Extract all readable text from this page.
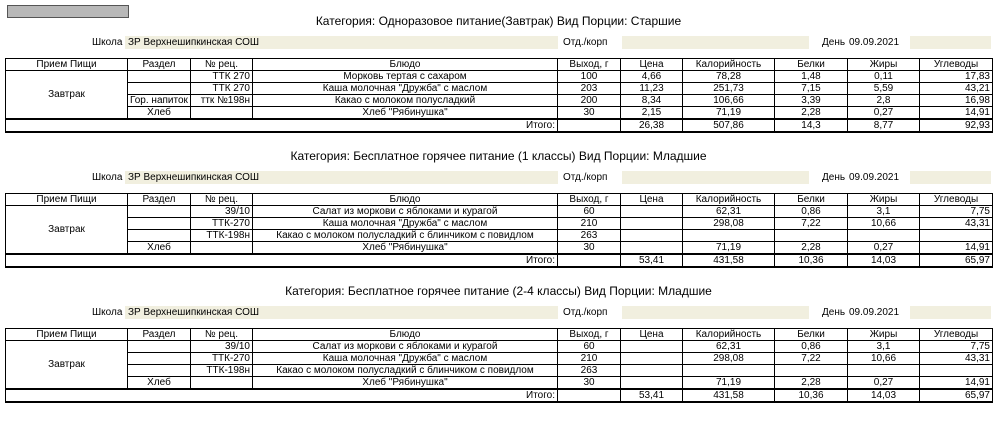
Категория: Одноразовое питание(Завтрак) Вид Порции: Старшие
Школа ЗР Верхнешипкинская СОШ	Отд./корп	День 09.09.2021
Прием Пищи	Раздел	№ рец.	Блюдо	Выход, г	Цена	Калорийность	Белки	Жиры	Углеводы
Завтрак		ТТК 270	Морковь тертая с сахаром	100	4,66	78,28	1,48	0,11	17,83
		ТТК 270	Каша молочная "Дружба" с маслом	203	11,23	251,73	7,15	5,59	43,21
	Гор. напиток	ттк №198н	Какао с молоком полусладкий	200	8,34	106,66	3,39	2,8	16,98
	Хлеб		Хлеб "Рябинушка"	30	2,15	71,19	2,28	0,27	14,91
Итого:					26,38	507,86	14,3	8,77	92,93
Категория: Бесплатное горячее питание (1 классы) Вид Порции: Младшие
Школа ЗР Верхнешипкинская СОШ	Отд./корп	День 09.09.2021
Прием Пищи	Раздел	№ рец.	Блюдо	Выход, г	Цена	Калорийность	Белки	Жиры	Углеводы
Завтрак		39/10	Салат из моркови с яблоками и курагой	60		62,31	0,86	3,1	7,75
		ТТК-270	Каша молочная "Дружба" с маслом	210		298,08	7,22	10,66	43,31
		ТТК-198н	Какао с молоком полусладкий с блинчиком с повидлом	263					
	Хлеб		Хлеб "Рябинушка"	30		71,19	2,28	0,27	14,91
Итого:					53,41	431,58	10,36	14,03	65,97
Категория: Бесплатное горячее питание (2-4 классы) Вид Порции: Младшие
Школа ЗР Верхнешипкинская СОШ	Отд./корп	День 09.09.2021
Прием Пищи	Раздел	№ рец.	Блюдо	Выход, г	Цена	Калорийность	Белки	Жиры	Углеводы
Завтрак		39/10	Салат из моркови с яблоками и курагой	60		62,31	0,86	3,1	7,75
		ТТК-270	Каша молочная "Дружба" с маслом	210		298,08	7,22	10,66	43,31
		ТТК-198н	Какао с молоком полусладкий с блинчиком с повидлом	263					
	Хлеб		Хлеб "Рябинушка"	30		71,19	2,28	0,27	14,91
Итого:					53,41	431,58	10,36	14,03	65,97
